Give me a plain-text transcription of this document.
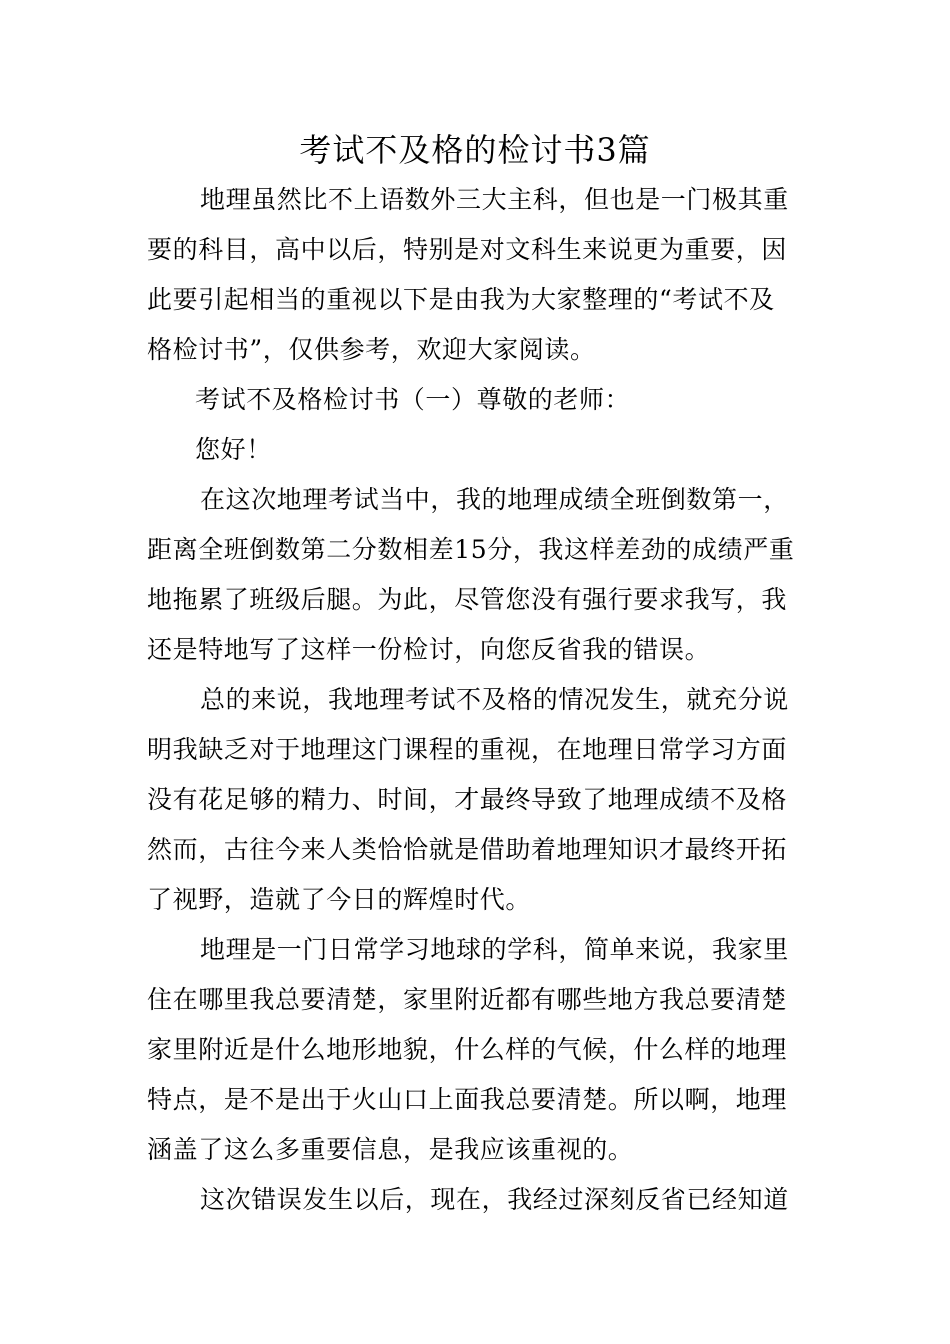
考试不及格的检讨书3篇
地理虽然比不上语数外三大主科，但也是一门极其重
要的科目，高中以后，特别是对文科生来说更为重要，因
此要引起相当的重视以下是由我为大家整理的“考试不及
格检讨书”，仅供参考，欢迎大家阅读。
考试不及格检讨书（一）尊敬的老师：
您好！
在这次地理考试当中，我的地理成绩全班倒数第一，
距离全班倒数第二分数相差15分，我这样差劲的成绩严重
地拖累了班级后腿。为此，尽管您没有强行要求我写，我
还是特地写了这样一份检讨，向您反省我的错误。
总的来说，我地理考试不及格的情况发生，就充分说
明我缺乏对于地理这门课程的重视，在地理日常学习方面
没有花足够的精力、时间，才最终导致了地理成绩不及格
然而，古往今来人类恰恰就是借助着地理知识才最终开拓
了视野，造就了今日的辉煌时代。
地理是一门日常学习地球的学科，简单来说，我家里
住在哪里我总要清楚，家里附近都有哪些地方我总要清楚
家里附近是什么地形地貌，什么样的气候，什么样的地理
特点，是不是出于火山口上面我总要清楚。所以啊，地理
涵盖了这么多重要信息，是我应该重视的。
这次错误发生以后，现在，我经过深刻反省已经知道
